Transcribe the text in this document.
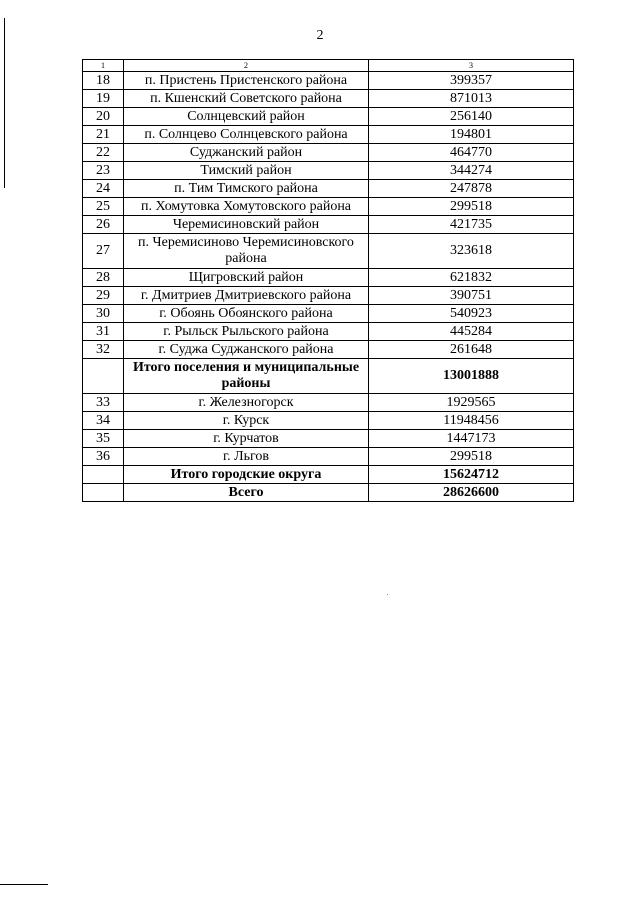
2
1	2	3
18	п. Пристень Пристенского района	399357
19	п. Кшенский Советского района	871013
20	Солнцевский район	256140
21	п. Солнцево Солнцевского района	194801
22	Суджанский район	464770
23	Тимский район	344274
24	п. Тим Тимского района	247878
25	п. Хомутовка Хомутовского района	299518
26	Черемисиновский район	421735
27	п. Черемисиново Черемисиновского района	323618
28	Щигровский район	621832
29	г. Дмитриев Дмитриевского района	390751
30	г. Обоянь Обоянского района	540923
31	г. Рыльск Рыльского района	445284
32	г. Суджа Суджанского района	261648
	Итого поселения и муниципальные районы	13001888
33	г. Железногорск	1929565
34	г. Курск	11948456
35	г. Курчатов	1447173
36	г. Льгов	299518
	Итого городские округа	15624712
	Всего	28626600
